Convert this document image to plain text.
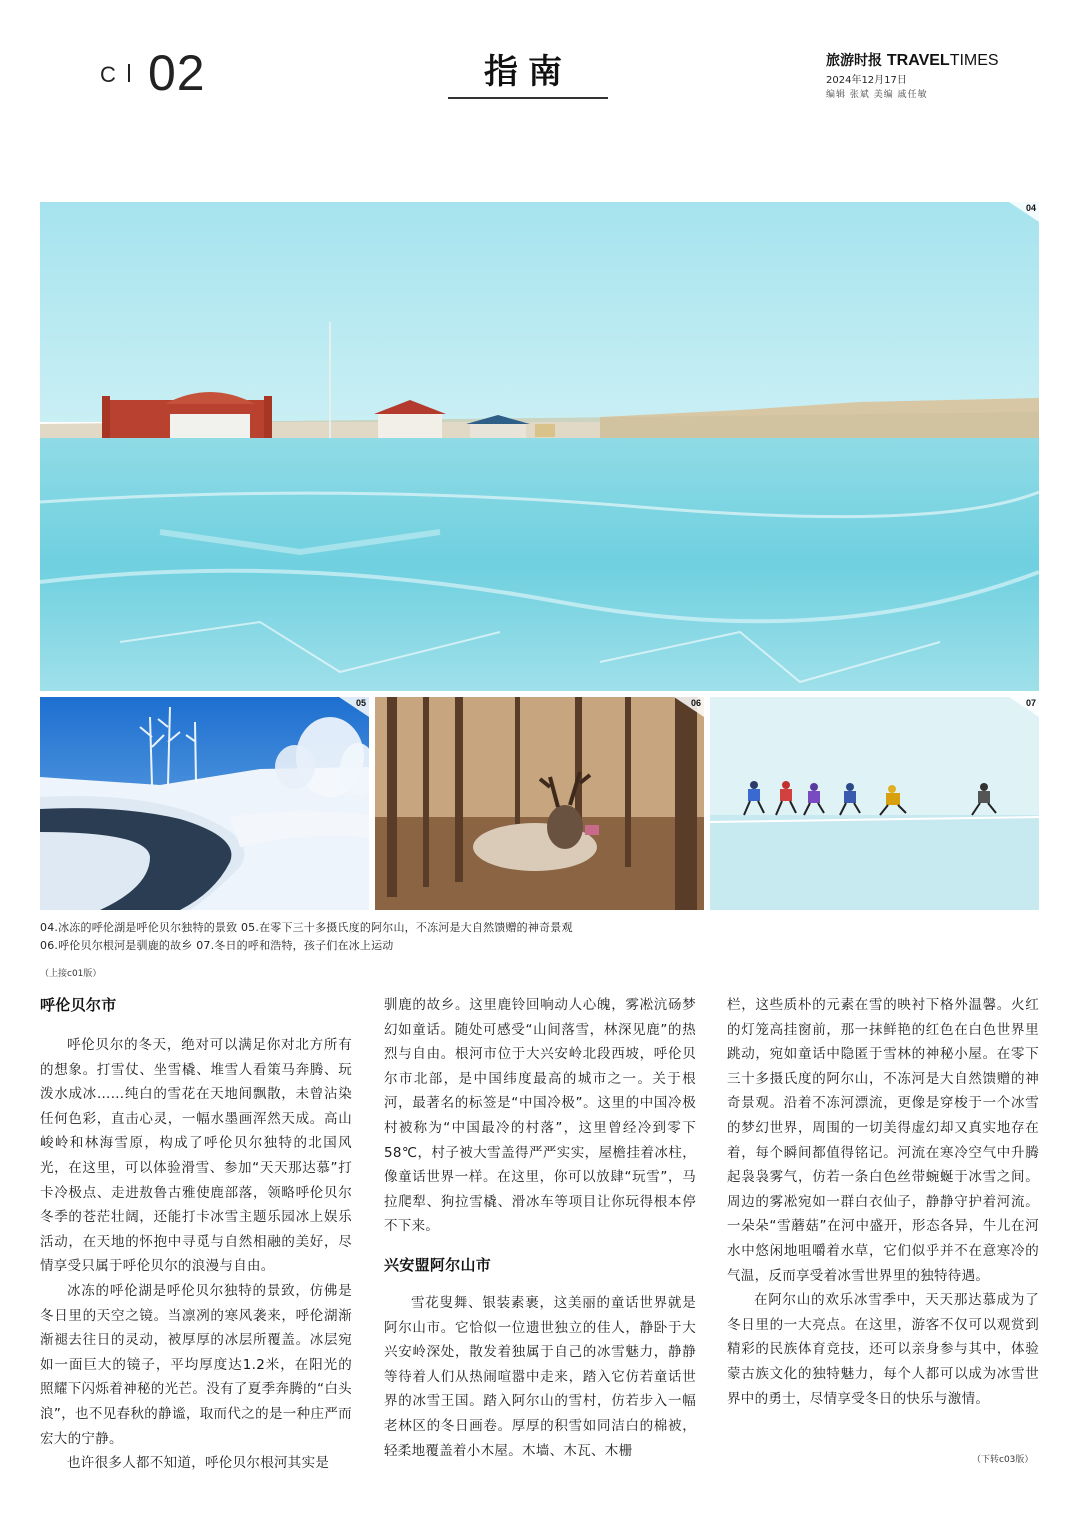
C 02	指南	旅游时报 TRAVELTIMES
2024年12月17日
编辑 张斌 美编 戚任敏
04
05	06	07
04.冰冻的呼伦湖是呼伦贝尔独特的景致 05.在零下三十多摄氏度的阿尔山，不冻河是大自然馈赠的神奇景观
06.呼伦贝尔根河是驯鹿的故乡 07.冬日的呼和浩特，孩子们在冰上运动
（上接c01版）
呼伦贝尔市

呼伦贝尔的冬天，绝对可以满足你对北方所有的想象。打雪仗、坐雪橇、堆雪人看策马奔腾、玩泼水成冰……纯白的雪花在天地间飘散，未曾沾染任何色彩，直击心灵，一幅水墨画浑然天成。高山峻岭和林海雪原，构成了呼伦贝尔独特的北国风光，在这里，可以体验滑雪、参加“天天那达慕”打卡冷极点、走进敖鲁古雅使鹿部落，领略呼伦贝尔冬季的苍茫壮阔，还能打卡冰雪主题乐园冰上娱乐活动，在天地的怀抱中寻觅与自然相融的美好，尽情享受只属于呼伦贝尔的浪漫与自由。

冰冻的呼伦湖是呼伦贝尔独特的景致，仿佛是冬日里的天空之镜。当凛冽的寒风袭来，呼伦湖渐渐褪去往日的灵动，被厚厚的冰层所覆盖。冰层宛如一面巨大的镜子，平均厚度达1.2米，在阳光的照耀下闪烁着神秘的光芒。没有了夏季奔腾的“白头浪”，也不见春秋的静谧，取而代之的是一种庄严而宏大的宁静。

也许很多人都不知道，呼伦贝尔根河其实是

驯鹿的故乡。这里鹿铃回响动人心魄，雾凇沆砀梦幻如童话。随处可感受“山间落雪，林深见鹿”的热烈与自由。根河市位于大兴安岭北段西坡，呼伦贝尔市北部，是中国纬度最高的城市之一。关于根河，最著名的标签是“中国冷极”。这里的中国冷极村被称为“中国最冷的村落”，这里曾经冷到零下58℃，村子被大雪盖得严严实实，屋檐挂着冰柱，像童话世界一样。在这里，你可以放肆“玩雪”，马拉爬犁、狗拉雪橇、滑冰车等项目让你玩得根本停不下来。

兴安盟阿尔山市

雪花叟舞、银装素裹，这美丽的童话世界就是阿尔山市。它恰似一位遗世独立的佳人，静卧于大兴安岭深处，散发着独属于自己的冰雪魅力，静静等待着人们从热闹喧嚣中走来，踏入它仿若童话世界的冰雪王国。踏入阿尔山的雪村，仿若步入一幅老林区的冬日画卷。厚厚的积雪如同洁白的棉被，轻柔地覆盖着小木屋。木墙、木瓦、木栅

栏，这些质朴的元素在雪的映衬下格外温馨。火红的灯笼高挂窗前，那一抹鲜艳的红色在白色世界里跳动，宛如童话中隐匿于雪林的神秘小屋。在零下三十多摄氏度的阿尔山，不冻河是大自然馈赠的神奇景观。沿着不冻河漂流，更像是穿梭于一个冰雪的梦幻世界，周围的一切美得虚幻却又真实地存在着，每个瞬间都值得铭记。河流在寒冷空气中升腾起袅袅雾气，仿若一条白色丝带蜿蜒于冰雪之间。周边的雾凇宛如一群白衣仙子，静静守护着河流。一朵朵“雪蘑菇”在河中盛开，形态各异，牛儿在河水中悠闲地咀嚼着水草，它们似乎并不在意寒冷的气温，反而享受着冰雪世界里的独特待遇。

在阿尔山的欢乐冰雪季中，天天那达慕成为了冬日里的一大亮点。在这里，游客不仅可以观赏到精彩的民族体育竞技，还可以亲身参与其中，体验蒙古族文化的独特魅力，每个人都可以成为冰雪世界中的勇士，尽情享受冬日的快乐与激情。

（下转c03版）
